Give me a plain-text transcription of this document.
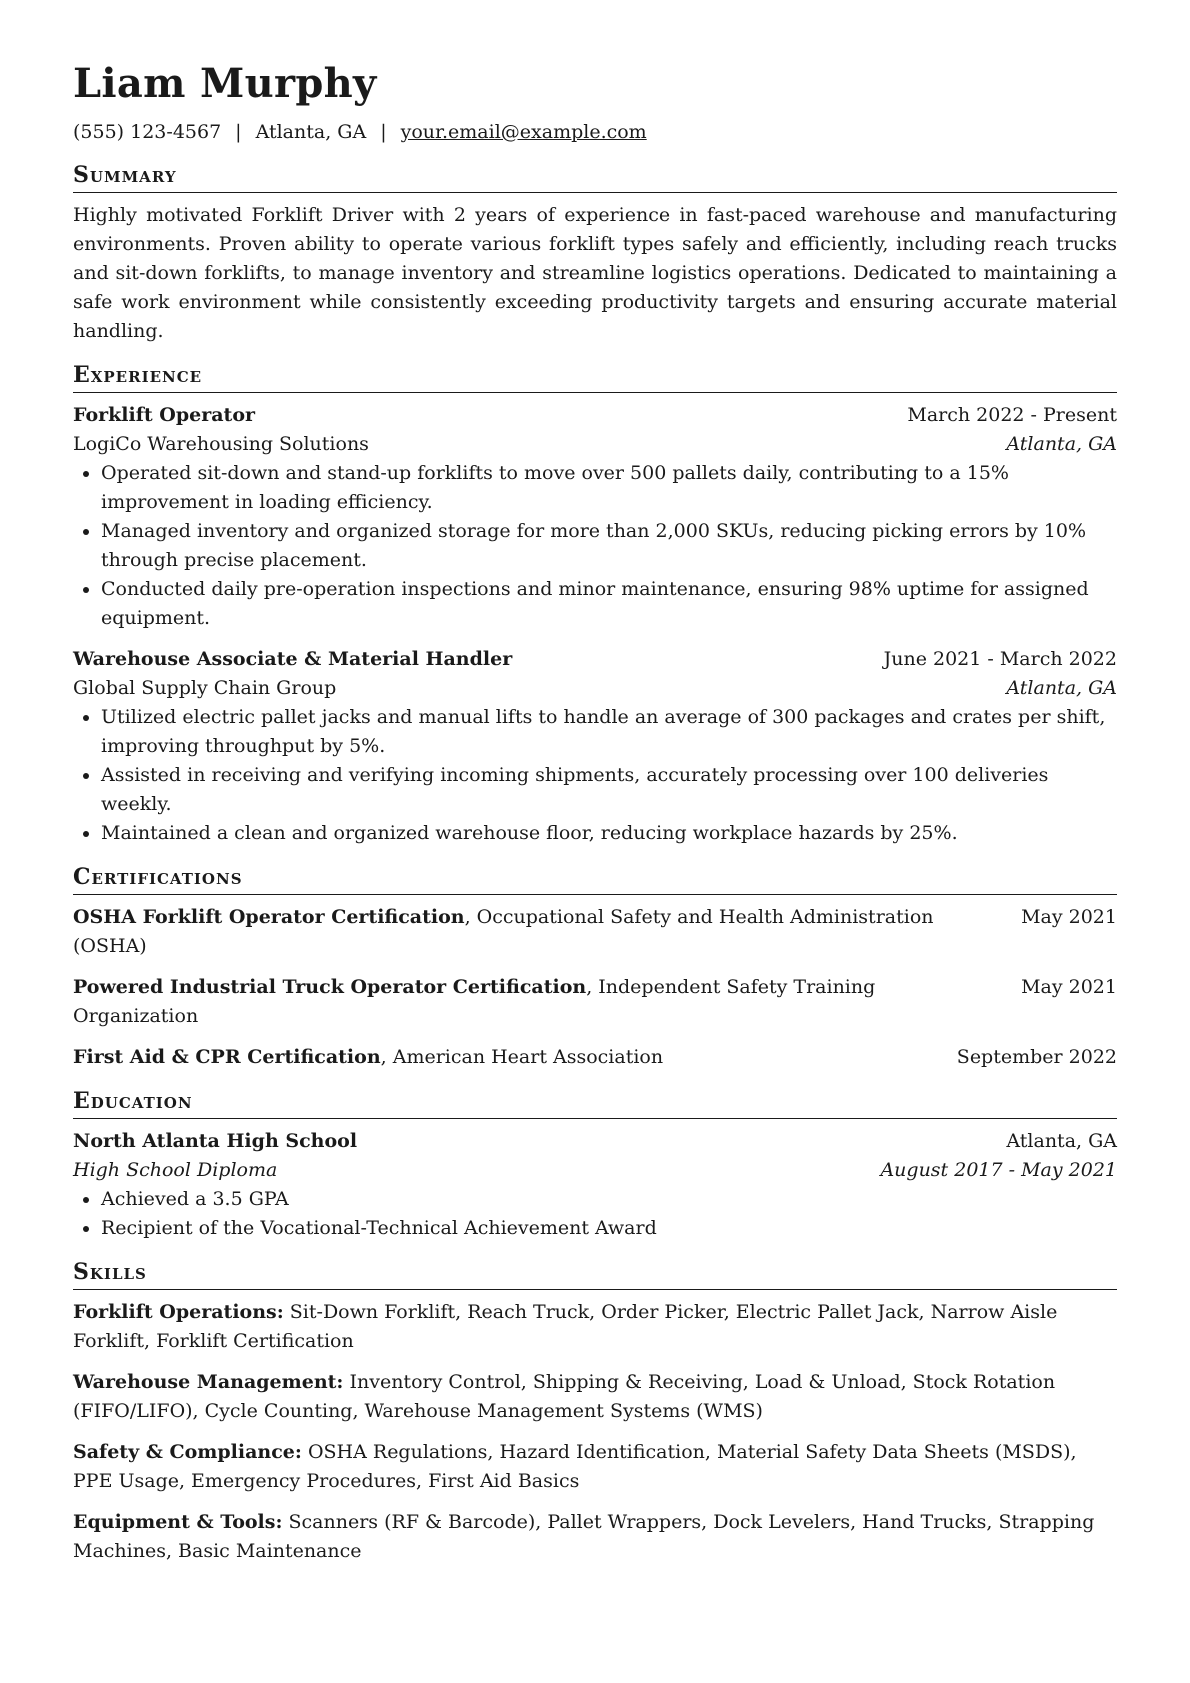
Liam Murphy
(555) 123-4567 | Atlanta, GA | your.email@example.com
Summary
Highly motivated Forklift Driver with 2 years of experience in fast-paced warehouse and manufacturing environments. Proven ability to operate various forklift types safely and efficiently, including reach trucks and sit-down forklifts, to manage inventory and streamline logistics operations. Dedicated to maintaining a safe work environment while consistently exceeding productivity targets and ensuring accurate material handling.
Experience
Forklift Operator	March 2022 - Present
LogiCo Warehousing Solutions	Atlanta, GA
• Operated sit-down and stand-up forklifts to move over 500 pallets daily, contributing to a 15% improvement in loading efficiency.
• Managed inventory and organized storage for more than 2,000 SKUs, reducing picking errors by 10% through precise placement.
• Conducted daily pre-operation inspections and minor maintenance, ensuring 98% uptime for assigned equipment.
Warehouse Associate & Material Handler	June 2021 - March 2022
Global Supply Chain Group	Atlanta, GA
• Utilized electric pallet jacks and manual lifts to handle an average of 300 packages and crates per shift, improving throughput by 5%.
• Assisted in receiving and verifying incoming shipments, accurately processing over 100 deliveries weekly.
• Maintained a clean and organized warehouse floor, reducing workplace hazards by 25%.
Certifications
OSHA Forklift Operator Certification, Occupational Safety and Health Administration (OSHA)
May 2021
Powered Industrial Truck Operator Certification, Independent Safety Training Organization
May 2021
First Aid & CPR Certification, American Heart Association	September 2022
Education
North Atlanta High School	Atlanta, GA
High School Diploma	August 2017 - May 2021
• Achieved a 3.5 GPA
• Recipient of the Vocational-Technical Achievement Award
Skills
Forklift Operations: Sit-Down Forklift, Reach Truck, Order Picker, Electric Pallet Jack, Narrow Aisle Forklift, Forklift Certification
Warehouse Management: Inventory Control, Shipping & Receiving, Load & Unload, Stock Rotation (FIFO/LIFO), Cycle Counting, Warehouse Management Systems (WMS)
Safety & Compliance: OSHA Regulations, Hazard Identification, Material Safety Data Sheets (MSDS), PPE Usage, Emergency Procedures, First Aid Basics
Equipment & Tools: Scanners (RF & Barcode), Pallet Wrappers, Dock Levelers, Hand Trucks, Strapping Machines, Basic Maintenance
